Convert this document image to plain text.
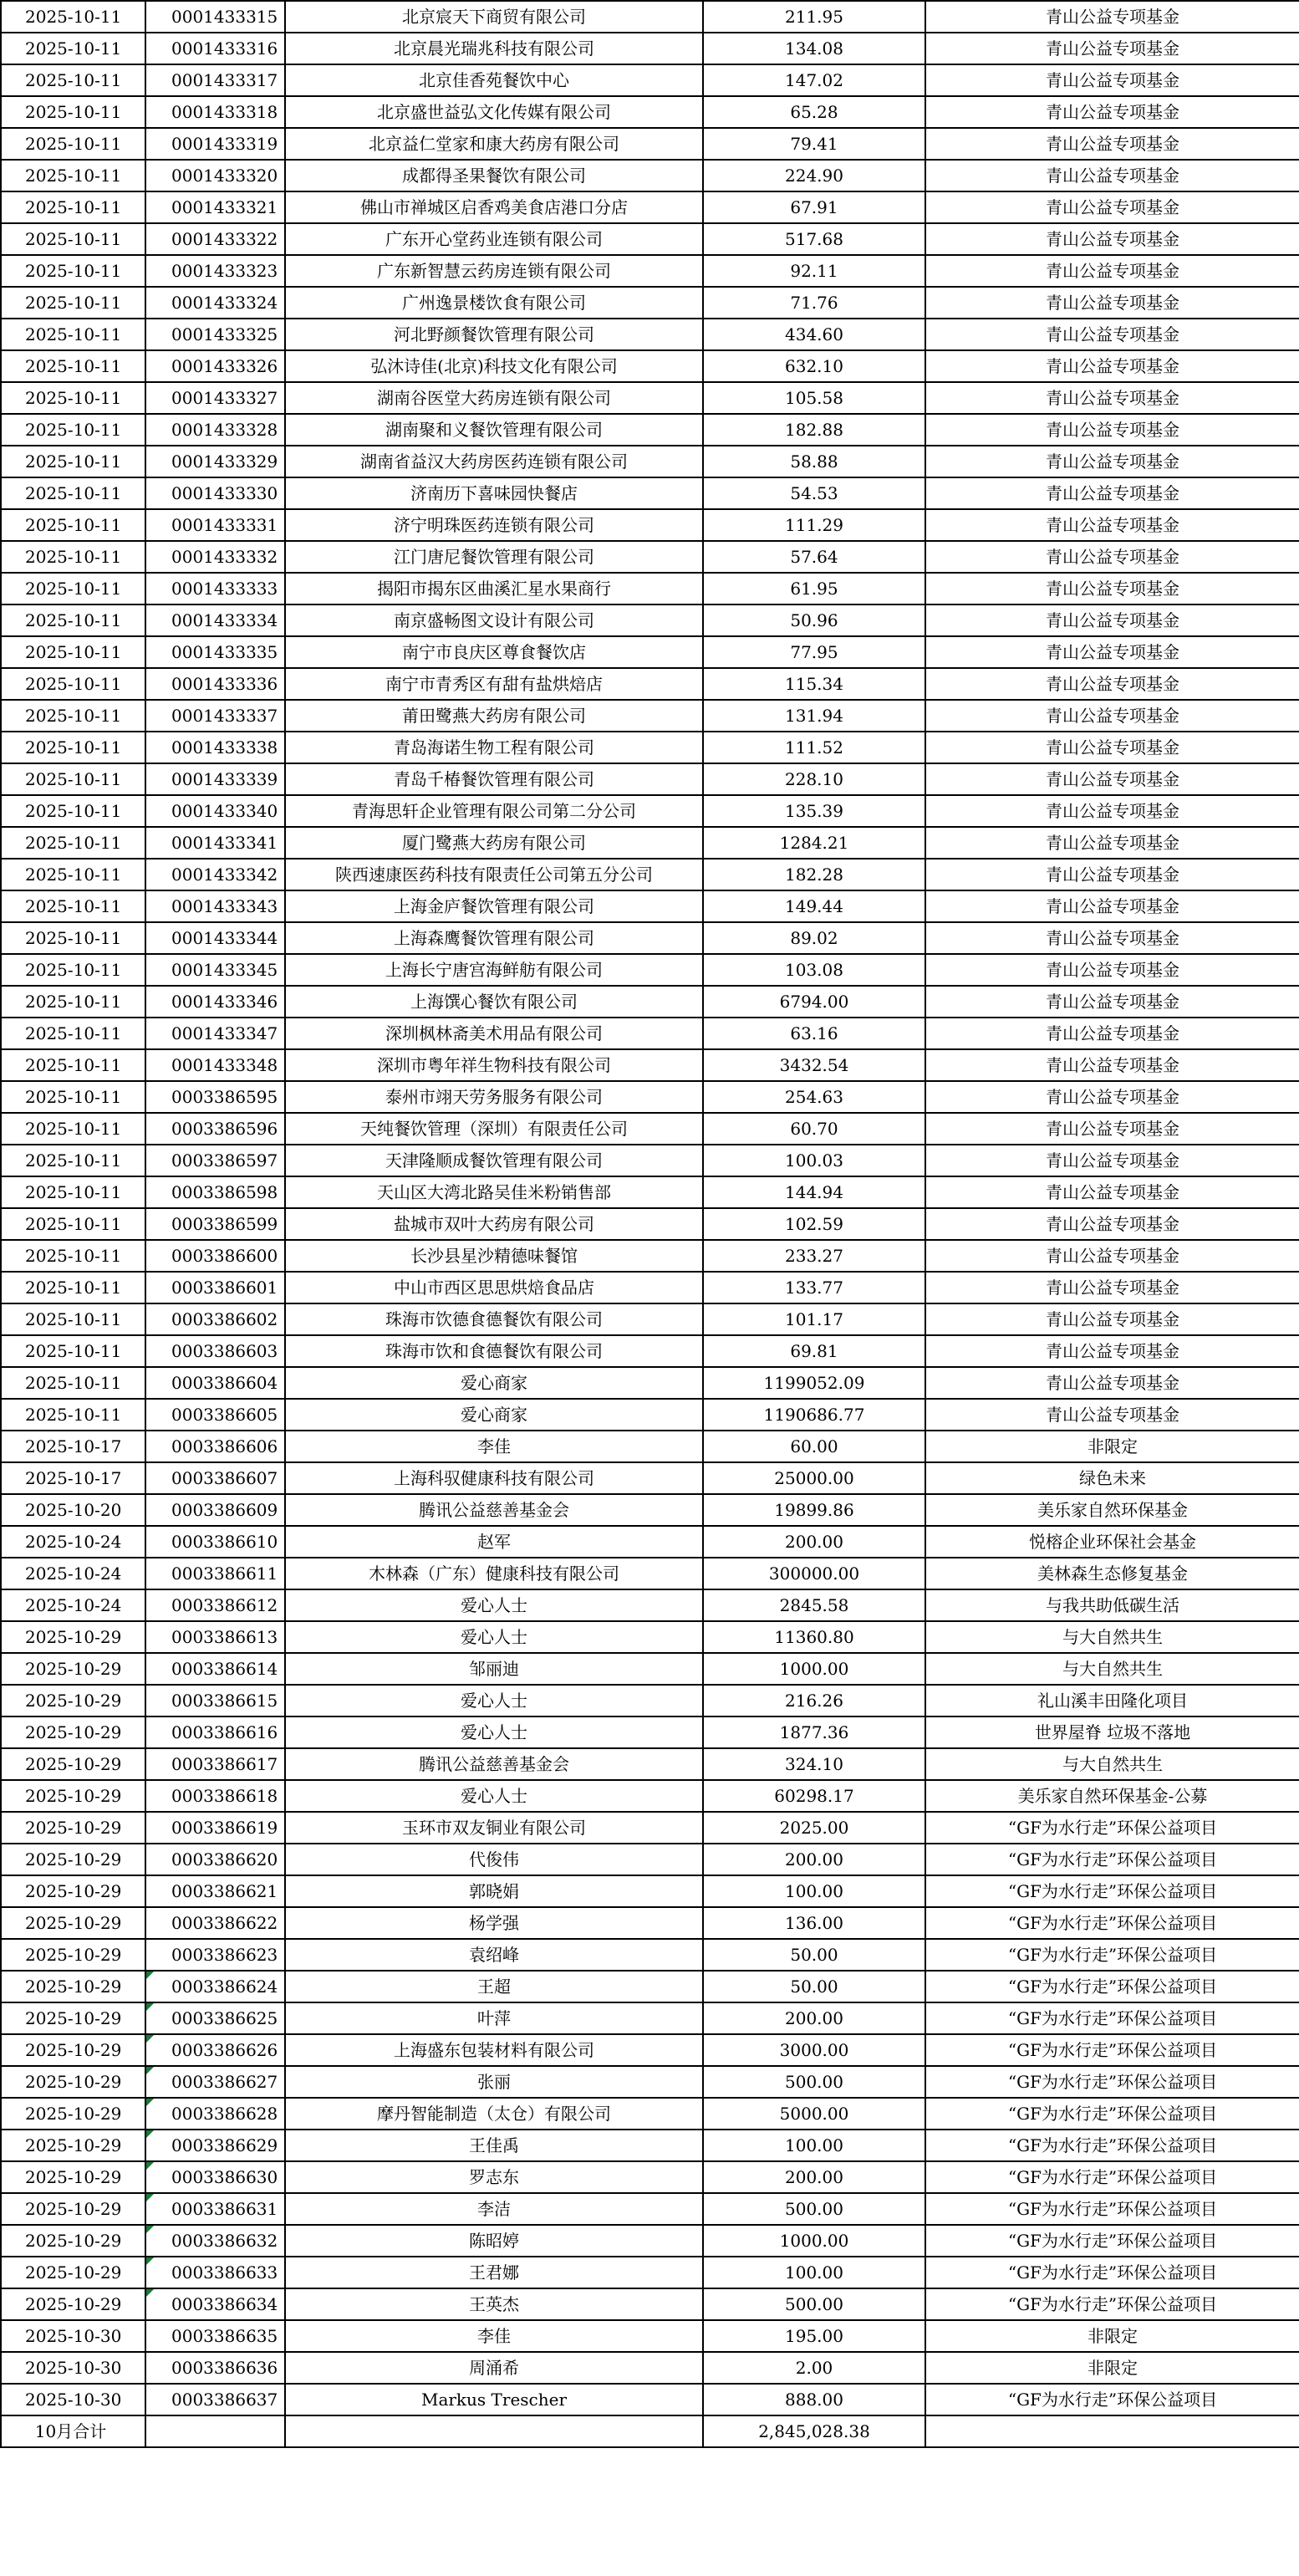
2025-10-11	0001433315	北京宸天下商贸有限公司	211.95	青山公益专项基金
2025-10-11	0001433316	北京晨光瑞兆科技有限公司	134.08	青山公益专项基金
2025-10-11	0001433317	北京佳香苑餐饮中心	147.02	青山公益专项基金
2025-10-11	0001433318	北京盛世益弘文化传媒有限公司	65.28	青山公益专项基金
2025-10-11	0001433319	北京益仁堂家和康大药房有限公司	79.41	青山公益专项基金
2025-10-11	0001433320	成都得圣果餐饮有限公司	224.90	青山公益专项基金
2025-10-11	0001433321	佛山市禅城区启香鸡美食店港口分店	67.91	青山公益专项基金
2025-10-11	0001433322	广东开心堂药业连锁有限公司	517.68	青山公益专项基金
2025-10-11	0001433323	广东新智慧云药房连锁有限公司	92.11	青山公益专项基金
2025-10-11	0001433324	广州逸景楼饮食有限公司	71.76	青山公益专项基金
2025-10-11	0001433325	河北野颜餐饮管理有限公司	434.60	青山公益专项基金
2025-10-11	0001433326	弘沐诗佳(北京)科技文化有限公司	632.10	青山公益专项基金
2025-10-11	0001433327	湖南谷医堂大药房连锁有限公司	105.58	青山公益专项基金
2025-10-11	0001433328	湖南聚和义餐饮管理有限公司	182.88	青山公益专项基金
2025-10-11	0001433329	湖南省益汉大药房医药连锁有限公司	58.88	青山公益专项基金
2025-10-11	0001433330	济南历下喜味园快餐店	54.53	青山公益专项基金
2025-10-11	0001433331	济宁明珠医药连锁有限公司	111.29	青山公益专项基金
2025-10-11	0001433332	江门唐尼餐饮管理有限公司	57.64	青山公益专项基金
2025-10-11	0001433333	揭阳市揭东区曲溪汇星水果商行	61.95	青山公益专项基金
2025-10-11	0001433334	南京盛畅图文设计有限公司	50.96	青山公益专项基金
2025-10-11	0001433335	南宁市良庆区尊食餐饮店	77.95	青山公益专项基金
2025-10-11	0001433336	南宁市青秀区有甜有盐烘焙店	115.34	青山公益专项基金
2025-10-11	0001433337	莆田鹭燕大药房有限公司	131.94	青山公益专项基金
2025-10-11	0001433338	青岛海诺生物工程有限公司	111.52	青山公益专项基金
2025-10-11	0001433339	青岛千椿餐饮管理有限公司	228.10	青山公益专项基金
2025-10-11	0001433340	青海思轩企业管理有限公司第二分公司	135.39	青山公益专项基金
2025-10-11	0001433341	厦门鹭燕大药房有限公司	1284.21	青山公益专项基金
2025-10-11	0001433342	陕西速康医药科技有限责任公司第五分公司	182.28	青山公益专项基金
2025-10-11	0001433343	上海金庐餐饮管理有限公司	149.44	青山公益专项基金
2025-10-11	0001433344	上海森鹰餐饮管理有限公司	89.02	青山公益专项基金
2025-10-11	0001433345	上海长宁唐宫海鲜舫有限公司	103.08	青山公益专项基金
2025-10-11	0001433346	上海馔心餐饮有限公司	6794.00	青山公益专项基金
2025-10-11	0001433347	深圳枫林斋美术用品有限公司	63.16	青山公益专项基金
2025-10-11	0001433348	深圳市粤年祥生物科技有限公司	3432.54	青山公益专项基金
2025-10-11	0003386595	泰州市翊天劳务服务有限公司	254.63	青山公益专项基金
2025-10-11	0003386596	天纯餐饮管理（深圳）有限责任公司	60.70	青山公益专项基金
2025-10-11	0003386597	天津隆顺成餐饮管理有限公司	100.03	青山公益专项基金
2025-10-11	0003386598	天山区大湾北路吴佳米粉销售部	144.94	青山公益专项基金
2025-10-11	0003386599	盐城市双叶大药房有限公司	102.59	青山公益专项基金
2025-10-11	0003386600	长沙县星沙精德味餐馆	233.27	青山公益专项基金
2025-10-11	0003386601	中山市西区思思烘焙食品店	133.77	青山公益专项基金
2025-10-11	0003386602	珠海市饮德食德餐饮有限公司	101.17	青山公益专项基金
2025-10-11	0003386603	珠海市饮和食德餐饮有限公司	69.81	青山公益专项基金
2025-10-11	0003386604	爱心商家	1199052.09	青山公益专项基金
2025-10-11	0003386605	爱心商家	1190686.77	青山公益专项基金
2025-10-17	0003386606	李佳	60.00	非限定
2025-10-17	0003386607	上海科驭健康科技有限公司	25000.00	绿色未来
2025-10-20	0003386609	腾讯公益慈善基金会	19899.86	美乐家自然环保基金
2025-10-24	0003386610	赵军	200.00	悦榕企业环保社会基金
2025-10-24	0003386611	木林森（广东）健康科技有限公司	300000.00	美林森生态修复基金
2025-10-24	0003386612	爱心人士	2845.58	与我共助低碳生活
2025-10-29	0003386613	爱心人士	11360.80	与大自然共生
2025-10-29	0003386614	邹丽迪	1000.00	与大自然共生
2025-10-29	0003386615	爱心人士	216.26	礼山溪丰田隆化项目
2025-10-29	0003386616	爱心人士	1877.36	世界屋脊 垃圾不落地
2025-10-29	0003386617	腾讯公益慈善基金会	324.10	与大自然共生
2025-10-29	0003386618	爱心人士	60298.17	美乐家自然环保基金-公募
2025-10-29	0003386619	玉环市双友铜业有限公司	2025.00	“GF为水行走”环保公益项目
2025-10-29	0003386620	代俊伟	200.00	“GF为水行走”环保公益项目
2025-10-29	0003386621	郭晓娟	100.00	“GF为水行走”环保公益项目
2025-10-29	0003386622	杨学强	136.00	“GF为水行走”环保公益项目
2025-10-29	0003386623	袁绍峰	50.00	“GF为水行走”环保公益项目
2025-10-29	0003386624	王超	50.00	“GF为水行走”环保公益项目
2025-10-29	0003386625	叶萍	200.00	“GF为水行走”环保公益项目
2025-10-29	0003386626	上海盛东包装材料有限公司	3000.00	“GF为水行走”环保公益项目
2025-10-29	0003386627	张丽	500.00	“GF为水行走”环保公益项目
2025-10-29	0003386628	摩丹智能制造（太仓）有限公司	5000.00	“GF为水行走”环保公益项目
2025-10-29	0003386629	王佳禹	100.00	“GF为水行走”环保公益项目
2025-10-29	0003386630	罗志东	200.00	“GF为水行走”环保公益项目
2025-10-29	0003386631	李洁	500.00	“GF为水行走”环保公益项目
2025-10-29	0003386632	陈昭婷	1000.00	“GF为水行走”环保公益项目
2025-10-29	0003386633	王君娜	100.00	“GF为水行走”环保公益项目
2025-10-29	0003386634	王英杰	500.00	“GF为水行走”环保公益项目
2025-10-30	0003386635	李佳	195.00	非限定
2025-10-30	0003386636	周涌希	2.00	非限定
2025-10-30	0003386637	Markus Trescher	888.00	“GF为水行走”环保公益项目
10月合计			2,845,028.38	
